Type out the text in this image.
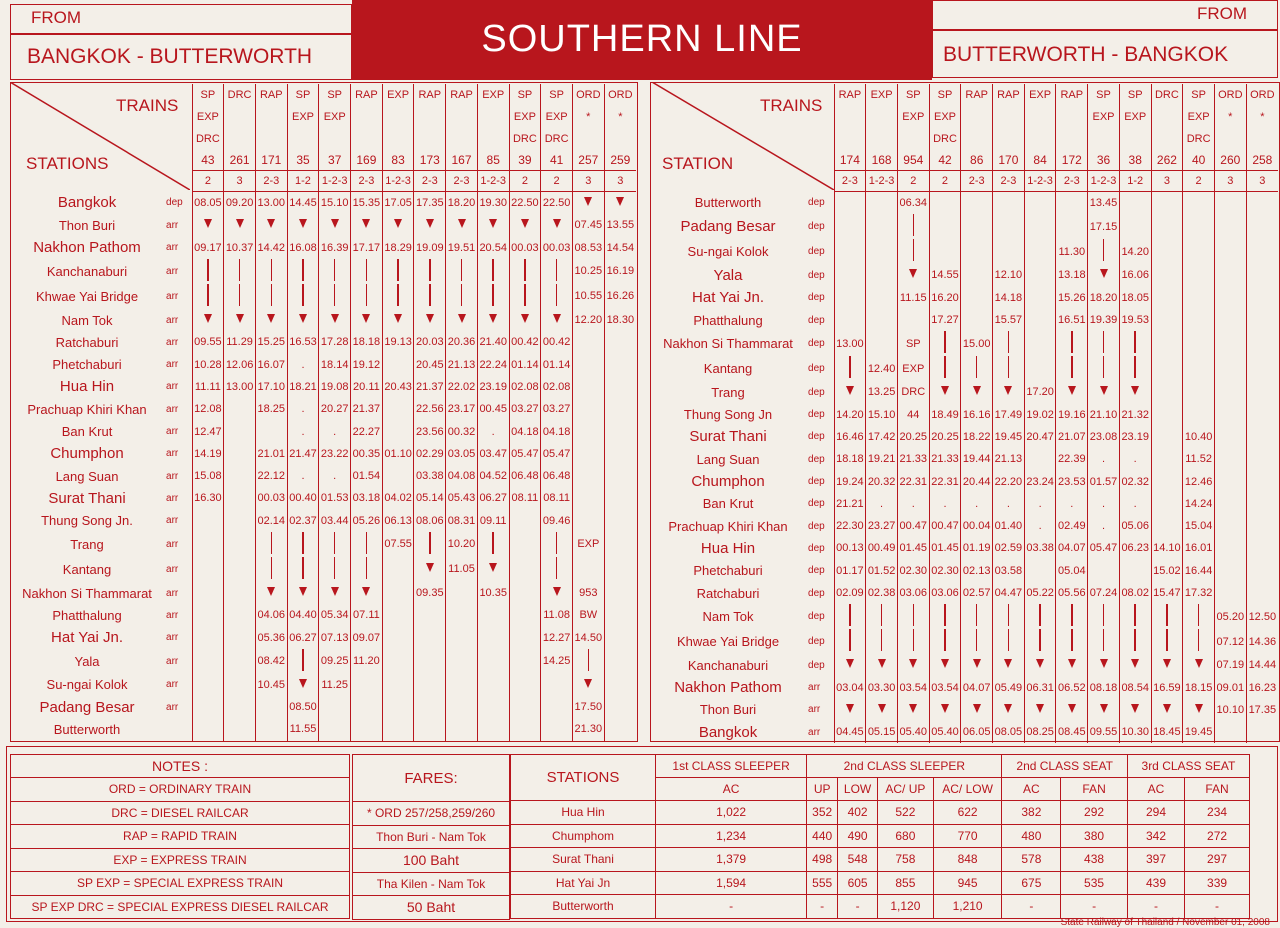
FROM
BANGKOK - BUTTERWORTH	SOUTHERN LINE
FROM
BUTTERWORTH - BANGKOK
TRAINS
STATIONS
TRAINS
STATION
		SP	DRC	RAP	SP	SP	RAP	EXP	RAP	RAP	EXP	SP	SP	ORD	ORD
		EXP			EXP	EXP						EXP	EXP	*	*
		DRC										DRC	DRC		
		43	261	171	35	37	169	83	173	167	85	39	41	257	259
		2	3	2-3	1-2	1-2-3	2-3	1-2-3	2-3	2-3	1-2-3	2	2	3	3
Bangkok	dep	08.05	09.20	13.00	14.45	15.10	15.35	17.05	17.35	18.20	19.30	22.50	22.50		
Thon Buri	arr													07.45	13.55
Nakhon Pathom	arr	09.17	10.37	14.42	16.08	16.39	17.17	18.29	19.09	19.51	20.54	00.03	00.03	08.53	14.54
Kanchanaburi	arr													10.25	16.19
Khwae Yai Bridge	arr													10.55	16.26
Nam Tok	arr													12.20	18.30
Ratchaburi	arr	09.55	11.29	15.25	16.53	17.28	18.18	19.13	20.03	20.36	21.40	00.42	00.42		
Phetchaburi	arr	10.28	12.06	16.07	.	18.14	19.12		20.45	21.13	22.24	01.14	01.14		
Hua Hin	arr	11.11	13.00	17.10	18.21	19.08	20.11	20.43	21.37	22.02	23.19	02.08	02.08		
Prachuap Khiri Khan	arr	12.08		18.25	.	20.27	21.37		22.56	23.17	00.45	03.27	03.27		
Ban Krut	arr	12.47			.	.	22.27		23.56	00.32	.	04.18	04.18		
Chumphon	arr	14.19		21.01	21.47	23.22	00.35	01.10	02.29	03.05	03.47	05.47	05.47		
Lang Suan	arr	15.08		22.12	.	.	01.54		03.38	04.08	04.52	06.48	06.48		
Surat Thani	arr	16.30		00.03	00.40	01.53	03.18	04.02	05.14	05.43	06.27	08.11	08.11		
Thung Song Jn.	arr			02.14	02.37	03.44	05.26	06.13	08.06	08.31	09.11		09.46		
Trang	arr							07.55		10.20				EXP	
Kantang	arr									11.05					
Nakhon Si Thammarat	arr								09.35		10.35			953	
Phatthalung	arr			04.06	04.40	05.34	07.11						11.08	BW	
Hat Yai Jn.	arr			05.36	06.27	07.13	09.07						12.27	14.50	
Yala	arr			08.42		09.25	11.20						14.25		
Su-ngai Kolok	arr			10.45		11.25									
Padang Besar	arr				08.50									17.50	
Butterworth					11.55									21.30	
		RAP	EXP	SP	SP	RAP	RAP	EXP	RAP	SP	SP	DRC	SP	ORD	ORD
				EXP	EXP					EXP	EXP		EXP	*	*
					DRC								DRC		
		174	168	954	42	86	170	84	172	36	38	262	40	260	258
		2-3	1-2-3	2	2	2-3	2-3	1-2-3	2-3	1-2-3	1-2	3	2	3	3
Butterworth	dep			06.34						13.45					
Padang Besar	dep									17.15					
Su-ngai Kolok	dep								11.30		14.20				
Yala	dep				14.55		12.10		13.18		16.06				
Hat Yai Jn.	dep			11.15	16.20		14.18		15.26	18.20	18.05				
Phatthalung	dep				17.27		15.57		16.51	19.39	19.53				
Nakhon Si Thammarat	dep	13.00		SP		15.00									
Kantang	dep		12.40	EXP											
Trang	dep		13.25	DRC				17.20							
Thung Song Jn	dep	14.20	15.10	44	18.49	16.16	17.49	19.02	19.16	21.10	21.32				
Surat Thani	dep	16.46	17.42	20.25	20.25	18.22	19.45	20.47	21.07	23.08	23.19		10.40		
Lang Suan	dep	18.18	19.21	21.33	21.33	19.44	21.13		22.39	.	.		11.52		
Chumphon	dep	19.24	20.32	22.31	22.31	20.44	22.20	23.24	23.53	01.57	02.32		12.46		
Ban Krut	dep	21.21	.	.	.	.	.	.	.	.	.		14.24		
Prachuap Khiri Khan	dep	22.30	23.27	00.47	00.47	00.04	01.40	.	02.49	.	05.06		15.04		
Hua Hin	dep	00.13	00.49	01.45	01.45	01.19	02.59	03.38	04.07	05.47	06.23	14.10	16.01		
Phetchaburi	dep	01.17	01.52	02.30	02.30	02.13	03.58		05.04			15.02	16.44		
Ratchaburi	dep	02.09	02.38	03.06	03.06	02.57	04.47	05.22	05.56	07.24	08.02	15.47	17.32		
Nam Tok	dep													05.20	12.50
Khwae Yai Bridge	dep													07.12	14.36
Kanchanaburi	dep													07.19	14.44
Nakhon Pathom	arr	03.04	03.30	03.54	03.54	04.07	05.49	06.31	06.52	08.18	08.54	16.59	18.15	09.01	16.23
Thon Buri	arr													10.10	17.35
Bangkok	arr	04.45	05.15	05.40	05.40	06.05	08.05	08.25	08.45	09.55	10.30	18.45	19.45		
NOTES :
ORD = ORDINARY TRAIN
DRC = DIESEL RAILCAR
RAP = RAPID TRAIN
EXP = EXPRESS TRAIN
SP EXP = SPECIAL EXPRESS TRAIN
SP EXP DRC = SPECIAL EXPRESS DIESEL RAILCAR
FARES:
* ORD 257/258,259/260
Thon Buri - Nam Tok
100 Baht
Tha Kilen - Nam Tok
50 Baht
STATIONS	1st CLASS SLEEPER	2nd CLASS SLEEPER				2nd CLASS SEAT		3rd CLASS SEAT	
	AC	UP	LOW	AC/ UP	AC/ LOW	AC	FAN	AC	FAN
Hua Hin	1,022	352	402	522	622	382	292	294	234
Chumphom	1,234	440	490	680	770	480	380	342	272
Surat Thani	1,379	498	548	758	848	578	438	397	297
Hat Yai Jn	1,594	555	605	855	945	675	535	439	339
Butterworth	-	-	-	1,120	1,210	-	-	-	-
State Railway of Thailand / November 01, 2008
